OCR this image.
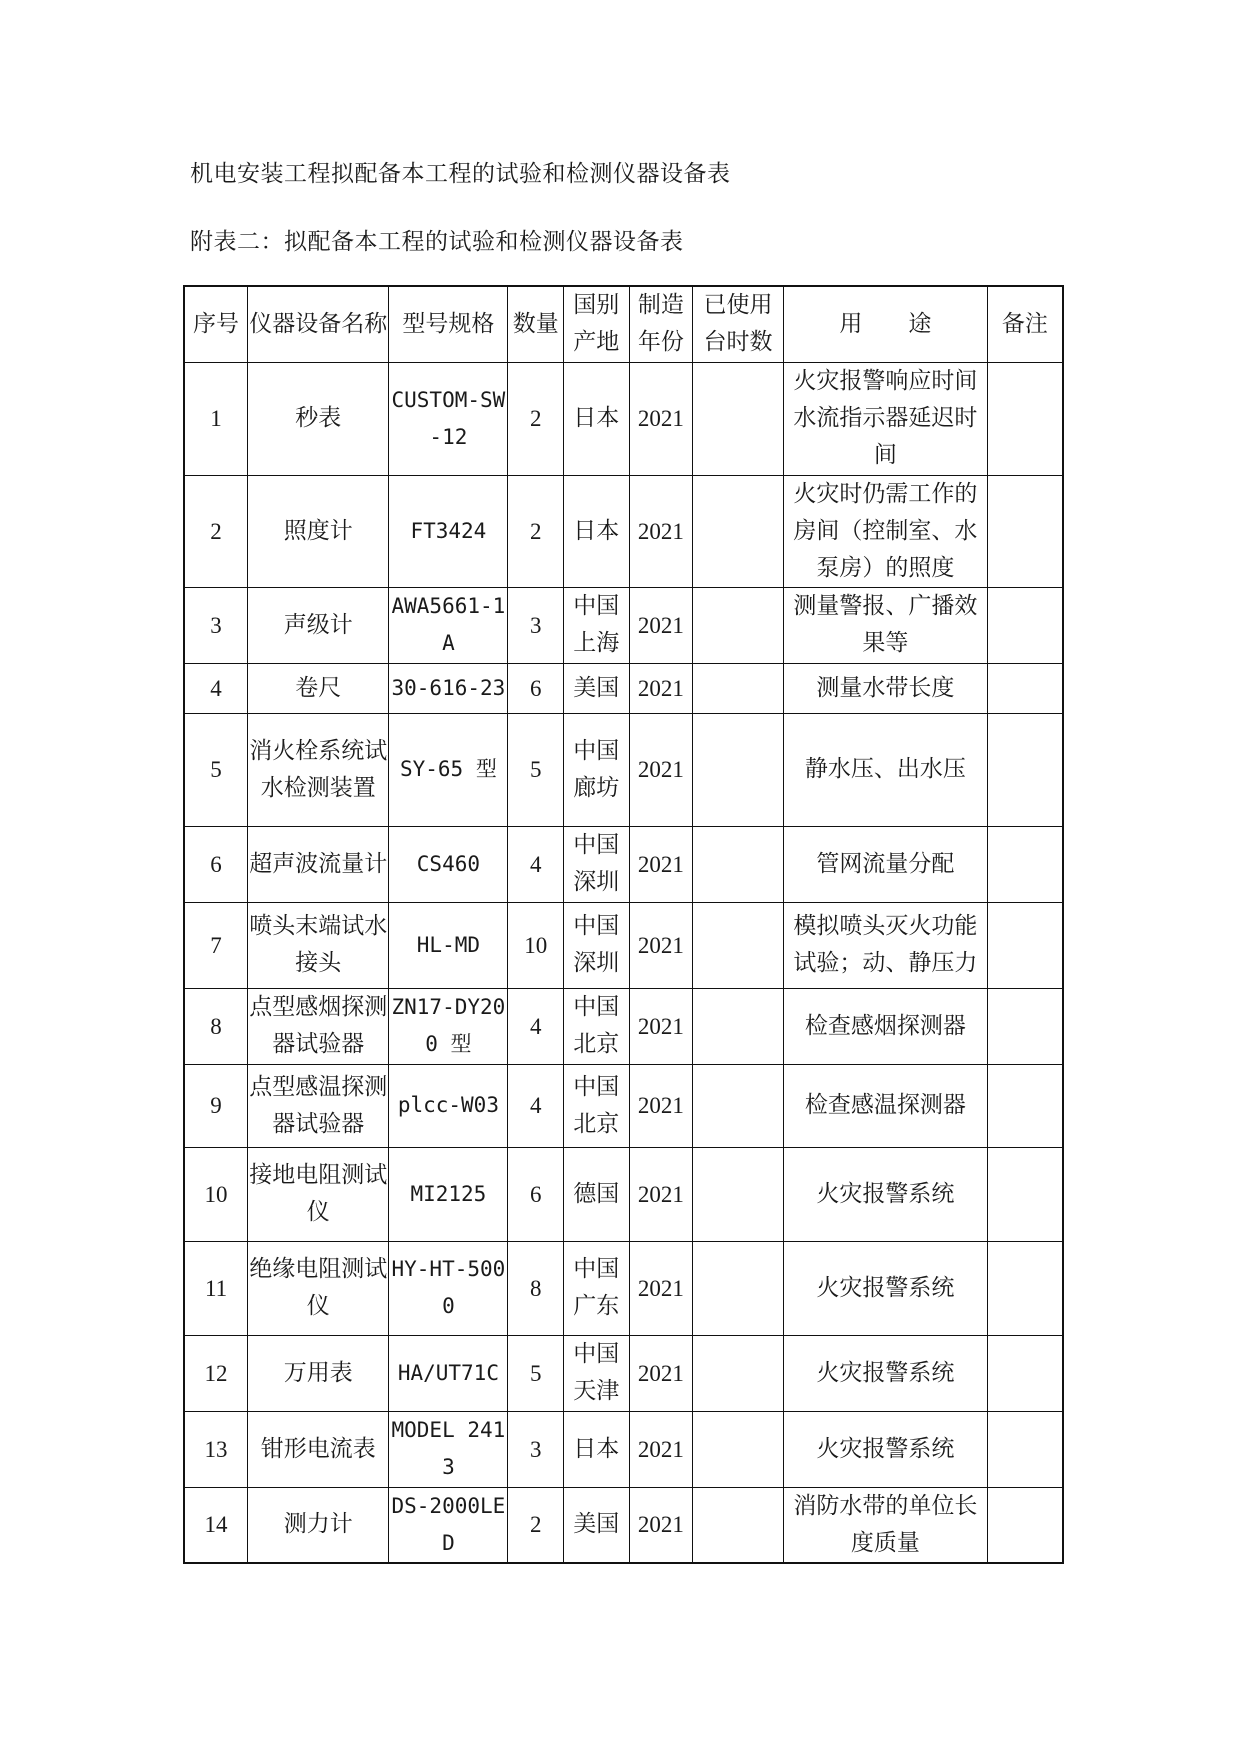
机电安装工程拟配备本工程的试验和检测仪器设备表
附表二：拟配备本工程的试验和检测仪器设备表
序号	仪器设备名称	型号规格	数量	国别产地	制造年份	已使用台时数	用　　途	备注
1	秒表	CUSTOM-SW-12	2	日本	2021		火灾报警响应时间水流指示器延迟时间	
2	照度计	FT3424	2	日本	2021		火灾时仍需工作的房间（控制室、水泵房）的照度	
3	声级计	AWA5661-1A	3	中国上海	2021		测量警报、广播效果等	
4	卷尺	30-616-23	6	美国	2021		测量水带长度	
5	消火栓系统试水检测装置	SY-65 型	5	中国廊坊	2021		静水压、出水压	
6	超声波流量计	CS460	4	中国深圳	2021		管网流量分配	
7	喷头末端试水接头	HL-MD	10	中国深圳	2021		模拟喷头灭火功能试验；动、静压力	
8	点型感烟探测器试验器	ZN17-DY200 型	4	中国北京	2021		检查感烟探测器	
9	点型感温探测器试验器	plcc-W03	4	中国北京	2021		检查感温探测器	
10	接地电阻测试仪	MI2125	6	德国	2021		火灾报警系统	
11	绝缘电阻测试仪	HY-HT-5000	8	中国广东	2021		火灾报警系统	
12	万用表	HA/UT71C	5	中国天津	2021		火灾报警系统	
13	钳形电流表	MODEL 2413	3	日本	2021		火灾报警系统	
14	测力计	DS-2000LED	2	美国	2021		消防水带的单位长度质量	
